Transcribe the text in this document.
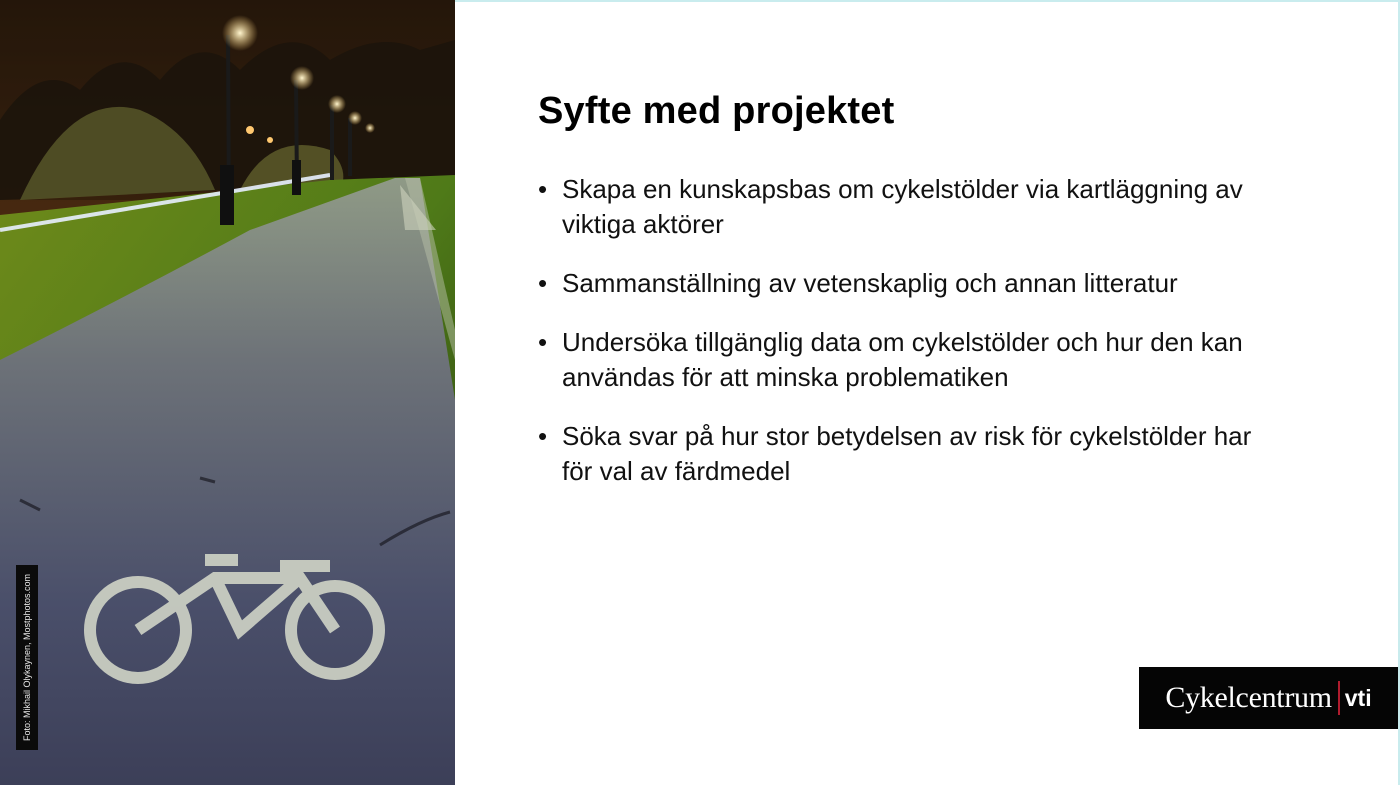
Foto: Mikhail Olykaynen, Mostphotos.com
Syfte med projektet
• Skapa en kunskapsbas om cykelstölder via kartläggning av viktiga aktörer
• Sammanställning av vetenskaplig och annan litteratur
• Undersöka tillgänglig data om cykelstölder och hur den kan användas för att minska problematiken
• Söka svar på hur stor betydelsen av risk för cykelstölder har för val av färdmedel
Cykelcentrum vti
